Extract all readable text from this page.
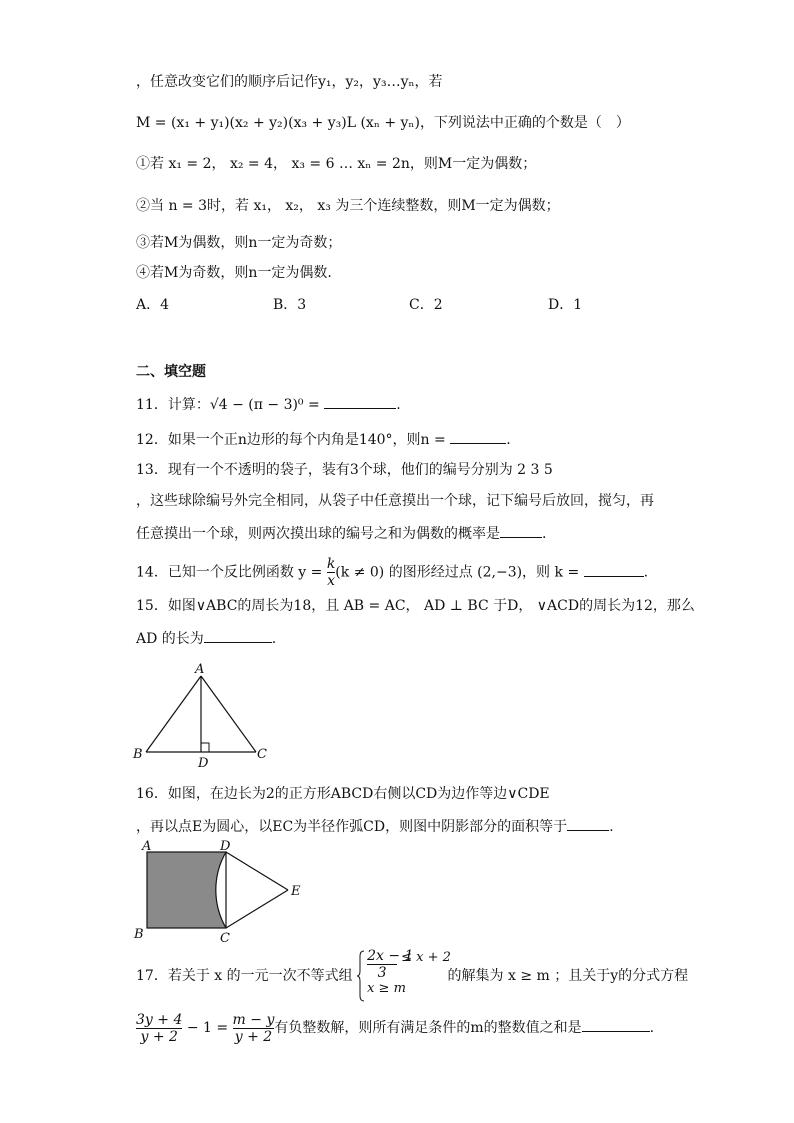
，任意改变它们的顺序后记作y₁，y₂，y₃…yₙ，若
M = (x₁ + y₁)(x₂ + y₂)(x₃ + y₃)L (xₙ + yₙ)，下列说法中正确的个数是（　）
①若 x₁ = 2， x₂ = 4， x₃ = 6 … xₙ = 2n，则M一定为偶数；
②当 n = 3时，若 x₁， x₂， x₃ 为三个连续整数，则M一定为偶数；
③若M为偶数，则n一定为奇数；
④若M为奇数，则n一定为偶数.
A．4	B．3	C．2	D．1
二、填空题
11．计算：√4 − (π − 3)⁰ =	.
12．如果一个正n边形的每个内角是140°，则n =	.
13．现有一个不透明的袋子，装有3个球，他们的编号分别为 2 3 5
，这些球除编号外完全相同，从袋子中任意摸出一个球，记下编号后放回，搅匀，再
任意摸出一个球，则两次摸出球的编号之和为偶数的概率是	.
14．已知一个反比例函数 $y = \frac{k}{x} (k \ne 0)$ 的图形经过点 (2,−3)，则 k =	.
15．如图∨ABC的周长为18，且 AB = AC， AD ⊥ BC 于D， ∨ACD的周长为12，那么
AD 的长为	.
A
B	C
D
16．如图，在边长为2的正方形ABCD右侧以CD为边作等边∨CDE
，再以点E为圆心，以EC为半径作弧CD，则图中阴影部分的面积等于	.
A	D
E
B	C
17．若关于 x 的一元一次不等式组 $\frac{2x - 1}{3} \le x + 2$
x ≥ m
的解集为 x ≥ m ；且关于y的分式方程
$\frac{3y + 4}{y + 2} - 1 = \frac{m - y}{y + 2}$ 有负整数解，则所有满足条件的m的整数值之和是	.
